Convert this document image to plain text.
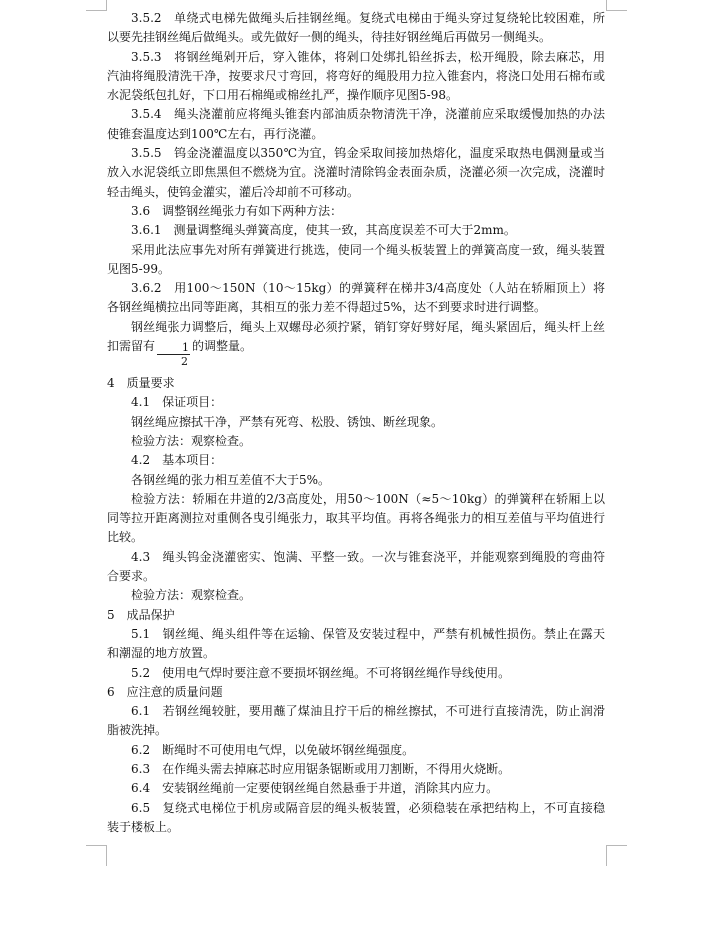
3.5.2　单绕式电梯先做绳头后挂钢丝绳。复绕式电梯由于绳头穿过复绕轮比较困难，所以要先挂钢丝绳后做绳头。或先做好一侧的绳头，待挂好钢丝绳后再做另一侧绳头。

3.5.3　将钢丝绳剁开后，穿入锥体，将剁口处绑扎铅丝拆去，松开绳股，除去麻芯，用汽油将绳股清洗干净，按要求尺寸弯回，将弯好的绳股用力拉入锥套内，将浇口处用石棉布或水泥袋纸包扎好，下口用石棉绳或棉丝扎严，操作顺序见图5-98。

3.5.4　绳头浇灌前应将绳头锥套内部油质杂物清洗干净，浇灌前应采取缓慢加热的办法使锥套温度达到100℃左右，再行浇灌。

3.5.5　钨金浇灌温度以350℃为宜，钨金采取间接加热熔化，温度采取热电偶测量或当放入水泥袋纸立即焦黑但不燃烧为宜。浇灌时清除钨金表面杂质，浇灌必须一次完成，浇灌时轻击绳头，使钨金灌实，灌后冷却前不可移动。

3.6　调整钢丝绳张力有如下两种方法：

3.6.1　测量调整绳头弹簧高度，使其一致，其高度误差不可大于2mm。

采用此法应事先对所有弹簧进行挑选，使同一个绳头板装置上的弹簧高度一致，绳头装置见图5-99。

3.6.2　用100～150N（10～15kg）的弹簧秤在梯井3/4高度处（人站在轿厢顶上）将各钢丝绳横拉出同等距离，其相互的张力差不得超过5%，达不到要求时进行调整。

钢丝绳张力调整后，绳头上双螺母必须拧紧，销钉穿好劈好尾，绳头紧固后，绳头杆上丝扣需留有 $\frac{1}{2}$ 的调整量。

4　质量要求

4.1　保证项目：

钢丝绳应擦拭干净，严禁有死弯、松股、锈蚀、断丝现象。

检验方法：观察检查。

4.2　基本项目：

各钢丝绳的张力相互差值不大于5%。

检验方法：轿厢在井道的2/3高度处，用50～100N（≈5～10kg）的弹簧秤在轿厢上以同等拉开距离测拉对重侧各曳引绳张力，取其平均值。再将各绳张力的相互差值与平均值进行比较。

4.3　绳头钨金浇灌密实、饱满、平整一致。一次与锥套浇平，并能观察到绳股的弯曲符合要求。

检验方法：观察检查。

5　成品保护

5.1　钢丝绳、绳头组件等在运输、保管及安装过程中，严禁有机械性损伤。禁止在露天和潮湿的地方放置。

5.2　使用电气焊时要注意不要损坏钢丝绳。不可将钢丝绳作导线使用。

6　应注意的质量问题

6.1　若钢丝绳较脏，要用蘸了煤油且拧干后的棉丝擦拭，不可进行直接清洗，防止润滑脂被洗掉。

6.2　断绳时不可使用电气焊，以免破坏钢丝绳强度。

6.3　在作绳头需去掉麻芯时应用锯条锯断或用刀割断，不得用火烧断。

6.4　安装钢丝绳前一定要使钢丝绳自然悬垂于井道，消除其内应力。

6.5　复绕式电梯位于机房或隔音层的绳头板装置，必须稳装在承把结构上，不可直接稳装于楼板上。
